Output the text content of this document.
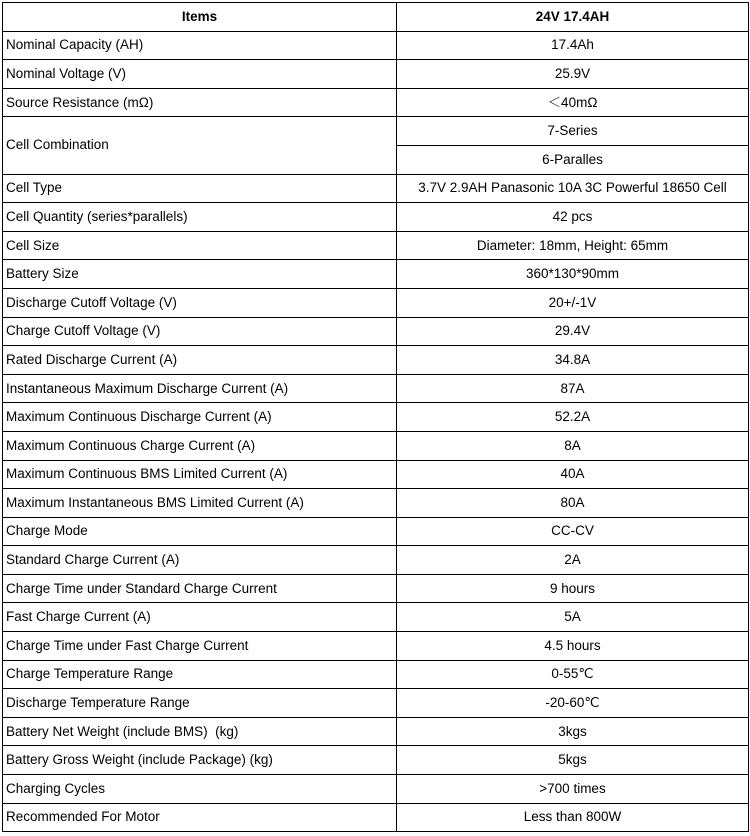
Items	24V 17.4AH
Nominal Capacity (AH)	17.4Ah
Nominal Voltage (V)	25.9V
Source Resistance (mΩ)	＜40mΩ
Cell Combination	7-Series
	6-Paralles
Cell Type	3.7V 2.9AH Panasonic 10A 3C Powerful 18650 Cell
Cell Quantity (series*parallels)	42 pcs
Cell Size	Diameter: 18mm, Height: 65mm
Battery Size	360*130*90mm
Discharge Cutoff Voltage (V)	20+/-1V
Charge Cutoff Voltage (V)	29.4V
Rated Discharge Current (A)	34.8A
Instantaneous Maximum Discharge Current (A)	87A
Maximum Continuous Discharge Current (A)	52.2A
Maximum Continuous Charge Current (A)	8A
Maximum Continuous BMS Limited Current (A)	40A
Maximum Instantaneous BMS Limited Current (A)	80A
Charge Mode	CC-CV
Standard Charge Current (A)	2A
Charge Time under Standard Charge Current	9 hours
Fast Charge Current (A)	5A
Charge Time under Fast Charge Current	4.5 hours
Charge Temperature Range	0-55℃
Discharge Temperature Range	-20-60℃
Battery Net Weight (include BMS)  (kg)	3kgs
Battery Gross Weight (include Package) (kg)	5kgs
Charging Cycles	>700 times
Recommended For Motor	Less than 800W
